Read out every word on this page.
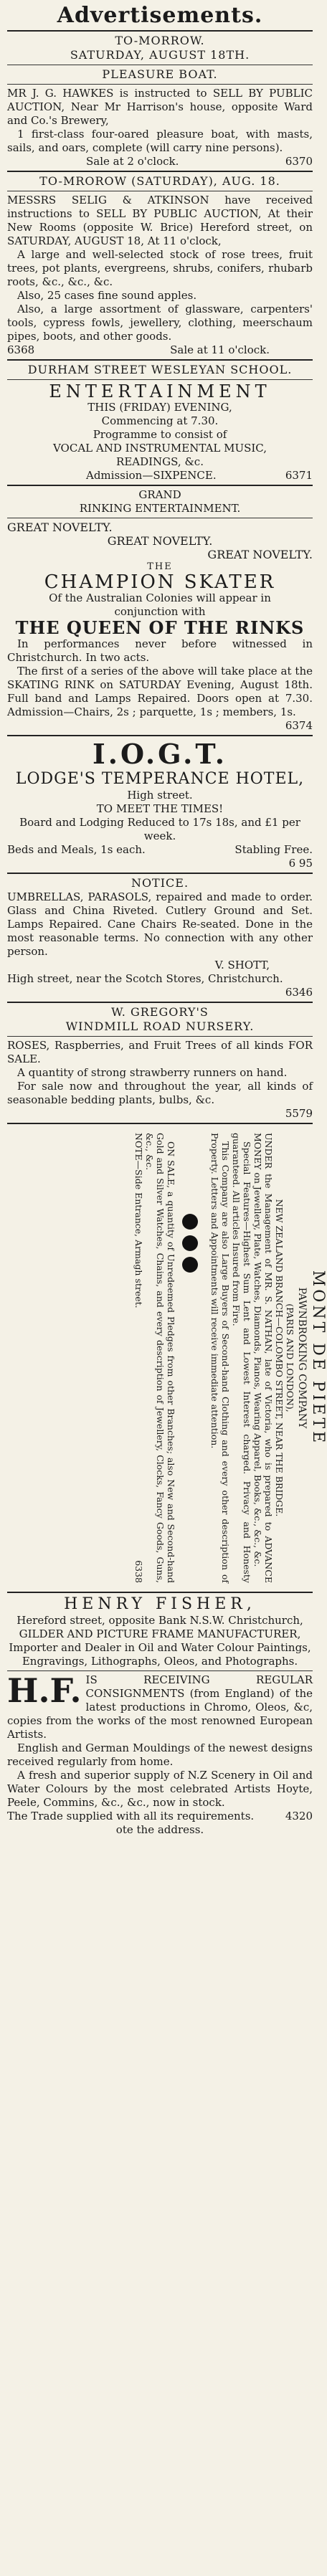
Advertisements.
TO-MORROW.
SATURDAY, AUGUST 18TH.
PLEASURE BOAT.
MR J. G. HAWKES is instructed to SELL BY PUBLIC AUCTION, Near Mr Harrison's house, opposite Ward and Co.'s Brewery,
1 first-class four-oared pleasure boat, with masts, sails, and oars, complete (will carry nine persons).
Sale at 2 o'clock.	6370
TO-MROROW (SATURDAY), AUG. 18.
MESSRS SELIG & ATKINSON have received instructions to SELL BY PUBLIC AUCTION, At their New Rooms (opposite W. Brice) Hereford street, on SATURDAY, AUGUST 18, At 11 o'clock,
A large and well-selected stock of rose trees, fruit trees, pot plants, evergreens, shrubs, conifers, rhubarb roots, &c., &c., &c.
Also, 25 cases fine sound apples.
Also, a large assortment of glassware, carpenters' tools, cypress fowls, jewellery, clothing, meerschaum pipes, boots, and other goods.
6368	Sale at 11 o'clock.
DURHAM STREET WESLEYAN SCHOOL.
ENTERTAINMENT
THIS (FRIDAY) EVENING,
Commencing at 7.30.
Programme to consist of
VOCAL AND INSTRUMENTAL MUSIC,
READINGS, &c.
Admission—SIXPENCE.	6371
GRAND
RINKING ENTERTAINMENT.
GREAT NOVELTY.
GREAT NOVELTY.
GREAT NOVELTY.
THE
CHAMPION SKATER
Of the Australian Colonies will appear in
conjunction with
THE QUEEN OF THE RINKS
In performances never before witnessed in Christchurch. In two acts.
The first of a series of the above will take place at the SKATING RINK on SATURDAY Evening, August 18th. Full band and Lamps Repaired. Doors open at 7.30. Admission—Chairs, 2s ; parquette, 1s ; members, 1s.
6374
I.O.G.T.
LODGE'S TEMPERANCE HOTEL,
High street.
TO MEET THE TIMES!
Board and Lodging Reduced to 17s 18s, and £1 per week.
Beds and Meals, 1s each.	Stabling Free.
6 95
NOTICE.
UMBRELLAS, PARASOLS, repaired and made to order. Glass and China Riveted. Cutlery Ground and Set. Lamps Repaired. Cane Chairs Re-seated. Done in the most reasonable terms. No connection with any other person.
V. SHOTT,
High street, near the Scotch Stores, Christchurch.
6346
W. GREGORY'S
WINDMILL ROAD NURSERY.
ROSES, Raspberries, and Fruit Trees of all kinds FOR SALE.
A quantity of strong strawberry runners on hand.
For sale now and throughout the year, all kinds of seasonable bedding plants, bulbs, &c.
5579
MONT DE PIETE
PAWNBROKING COMPANY
(PARIS AND LONDON),
NEW ZEALAND BRANCH—COLOMBO STREET, NEAR THE BRIDGE.
UNDER the Management of MR. S. NATHAN, late of Victoria, who is prepared to ADVANCE MONEY on Jewellery, Plate, Watches, Diamonds, Pianos, Wearing Apparel, Books, &c., &c., &c.
Special Features—Highest Sum Lent and Lowest Interest charged. Privacy and Honesty guaranteed. All articles Insured from Fire.
This Company are also Large Buyers of Second-hand Clothing and every other description of Property. Letters and Appointments will receive immediate attention.
ON SALE, a quantity of Unredeemed Pledges from other Branches; also New and Second-hand Gold and Silver Watches, Chains, and every description of Jewellery, Clocks, Fancy Goods, Guns, &c., &c.
NOTE—Side Entrance, Armagh street.
6338
HENRY FISHER,
Hereford street, opposite Bank N.S.W. Christchurch,
GILDER AND PICTURE FRAME MANUFACTURER,
Importer and Dealer in Oil and Water Colour Paintings,
Engravings, Lithographs, Oleos, and Photographs.
H.F. IS RECEIVING REGULAR CONSIGNMENTS (from England) of the latest productions in Chromo, Oleos, &c, copies from the works of the most renowned European Artists.
English and German Mouldings of the newest designs received regularly from home.
A fresh and superior supply of N.Z Scenery in Oil and Water Colours by the most celebrated Artists Hoyte, Peele, Commins, &c., &c., now in stock.
The Trade supplied with all its requirements.	4320
ote the address.
